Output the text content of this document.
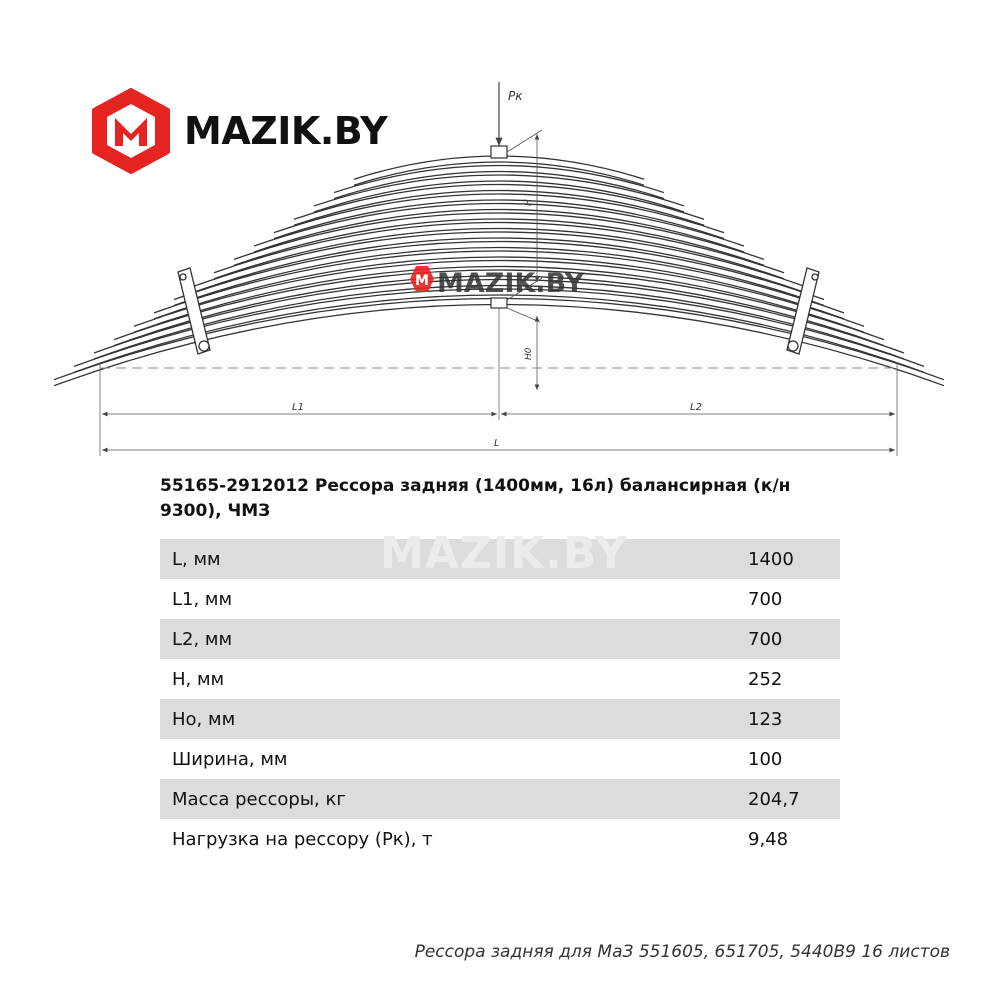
Pк
H
H0
L1	L2
L
M MAZIK.BY
MAZIK.BY
55165-2912012 Рессора задняя (1400мм, 16л) балансирная (к/н 9300), ЧМЗ
L, мм	1400
L1, мм	700
L2, мм	700
H, мм	252
Ho, мм	123
Ширина, мм	100
Масса рессоры, кг	204,7
Нагрузка на рессору (Pк), т	9,48
MAZIK.BY
Рессора задняя для МаЗ 551605, 651705, 5440В9 16 листов
